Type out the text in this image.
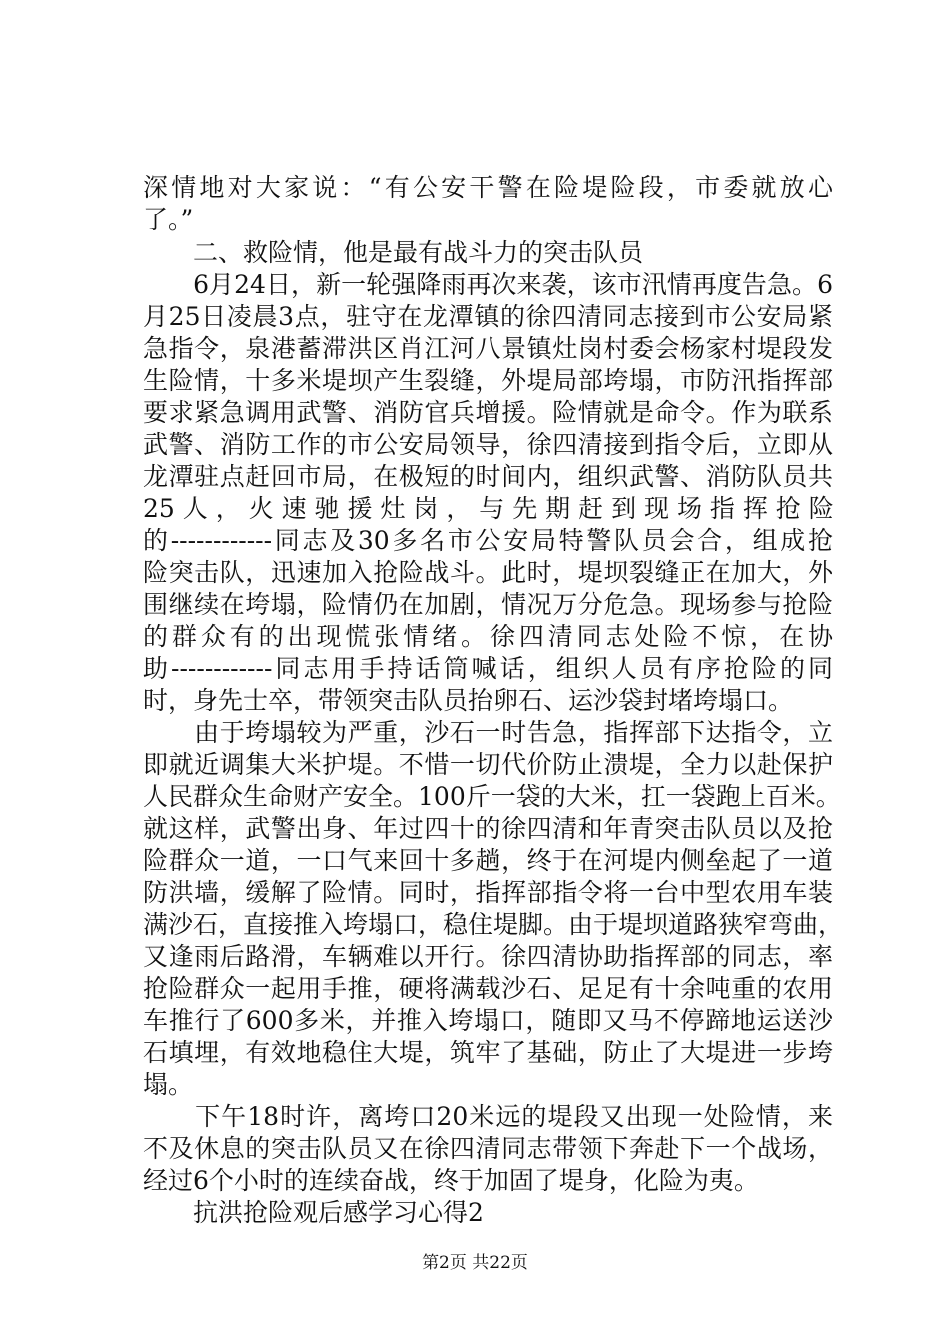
深情地对大家说：“有公安干警在险堤险段，市委就放心
了。”
　　二、救险情，他是最有战斗力的突击队员
　　6月24日，新一轮强降雨再次来袭，该市汛情再度告急。6
月25日凌晨3点，驻守在龙潭镇的徐四清同志接到市公安局紧
急指令，泉港蓄滞洪区肖江河八景镇灶岗村委会杨家村堤段发
生险情，十多米堤坝产生裂缝，外堤局部垮塌，市防汛指挥部
要求紧急调用武警、消防官兵增援。险情就是命令。作为联系
武警、消防工作的市公安局领导，徐四清接到指令后，立即从
龙潭驻点赶回市局，在极短的时间内，组织武警、消防队员共
25 人 ， 火 速 驰 援 灶 岗 ， 与 先 期 赶 到 现 场 指 挥 抢 险
的------------同志及30多名市公安局特警队员会合，组成抢
险突击队，迅速加入抢险战斗。此时，堤坝裂缝正在加大，外
围继续在垮塌，险情仍在加剧，情况万分危急。现场参与抢险
的群众有的出现慌张情绪。徐四清同志处险不惊，在协
助------------同志用手持话筒喊话，组织人员有序抢险的同
时，身先士卒，带领突击队员抬卵石、运沙袋封堵垮塌口。
　　由于垮塌较为严重，沙石一时告急，指挥部下达指令，立
即就近调集大米护堤。不惜一切代价防止溃堤，全力以赴保护
人民群众生命财产安全。100斤一袋的大米，扛一袋跑上百米。
就这样，武警出身、年过四十的徐四清和年青突击队员以及抢
险群众一道，一口气来回十多趟，终于在河堤内侧垒起了一道
防洪墙，缓解了险情。同时，指挥部指令将一台中型农用车装
满沙石，直接推入垮塌口，稳住堤脚。由于堤坝道路狭窄弯曲，
又逢雨后路滑，车辆难以开行。徐四清协助指挥部的同志，率
抢险群众一起用手推，硬将满载沙石、足足有十余吨重的农用
车推行了600多米，并推入垮塌口，随即又马不停蹄地运送沙
石填埋，有效地稳住大堤，筑牢了基础，防止了大堤进一步垮
塌。
　　下午18时许，离垮口20米远的堤段又出现一处险情，来
不及休息的突击队员又在徐四清同志带领下奔赴下一个战场，
经过6个小时的连续奋战，终于加固了堤身，化险为夷。
　　抗洪抢险观后感学习心得2
第2页 共22页
